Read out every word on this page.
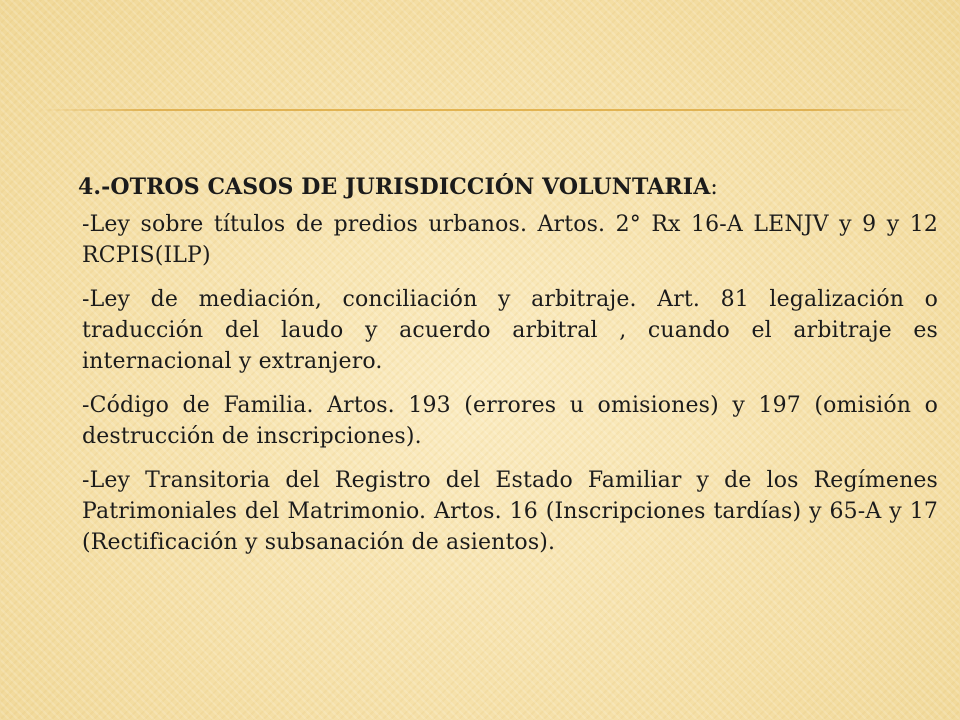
4.-OTROS CASOS DE JURISDICCIÓN VOLUNTARIA:

-Ley sobre títulos de predios urbanos. Artos. 2° Rx 16-A LENJV y 9 y 12 RCPIS(ILP)

-Ley de mediación, conciliación y arbitraje. Art. 81 legalización o traducción del laudo y acuerdo arbitral , cuando el arbitraje es internacional y extranjero.

-Código de Familia. Artos. 193 (errores u omisiones) y 197 (omisión o destrucción de inscripciones).

-Ley Transitoria del Registro del Estado Familiar y de los Regímenes Patrimoniales del Matrimonio. Artos. 16 (Inscripciones tardías) y 65-A y 17 (Rectificación y subsanación de asientos).
